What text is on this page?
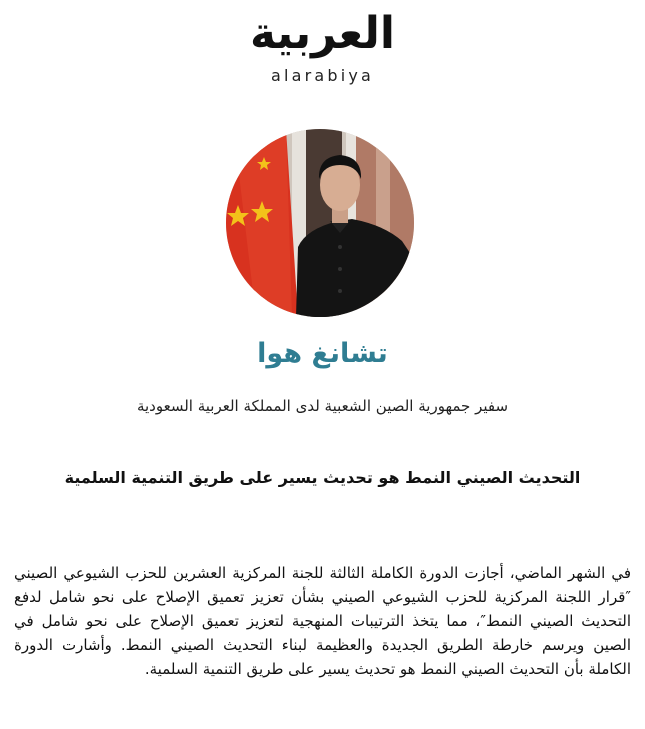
العربية
alarabiya
تشانغ هوا
سفير جمهورية الصين الشعبية لدى المملكة العربية السعودية
التحديث الصيني النمط هو تحديث يسير على طريق التنمية السلمية

في الشهر الماضي، أجازت الدورة الكاملة الثالثة للجنة المركزية العشرين للحزب الشيوعي الصيني ″قرار اللجنة المركزية للحزب الشيوعي الصيني بشأن تعزيز تعميق الإصلاح على نحو شامل لدفع التحديث الصيني النمط″، مما يتخذ الترتيبات المنهجية لتعزيز تعميق الإصلاح على نحو شامل في الصين ويرسم خارطة الطريق الجديدة والعظيمة لبناء التحديث الصيني النمط. وأشارت الدورة الكاملة بأن التحديث الصيني النمط هو تحديث يسير على طريق التنمية السلمية.
